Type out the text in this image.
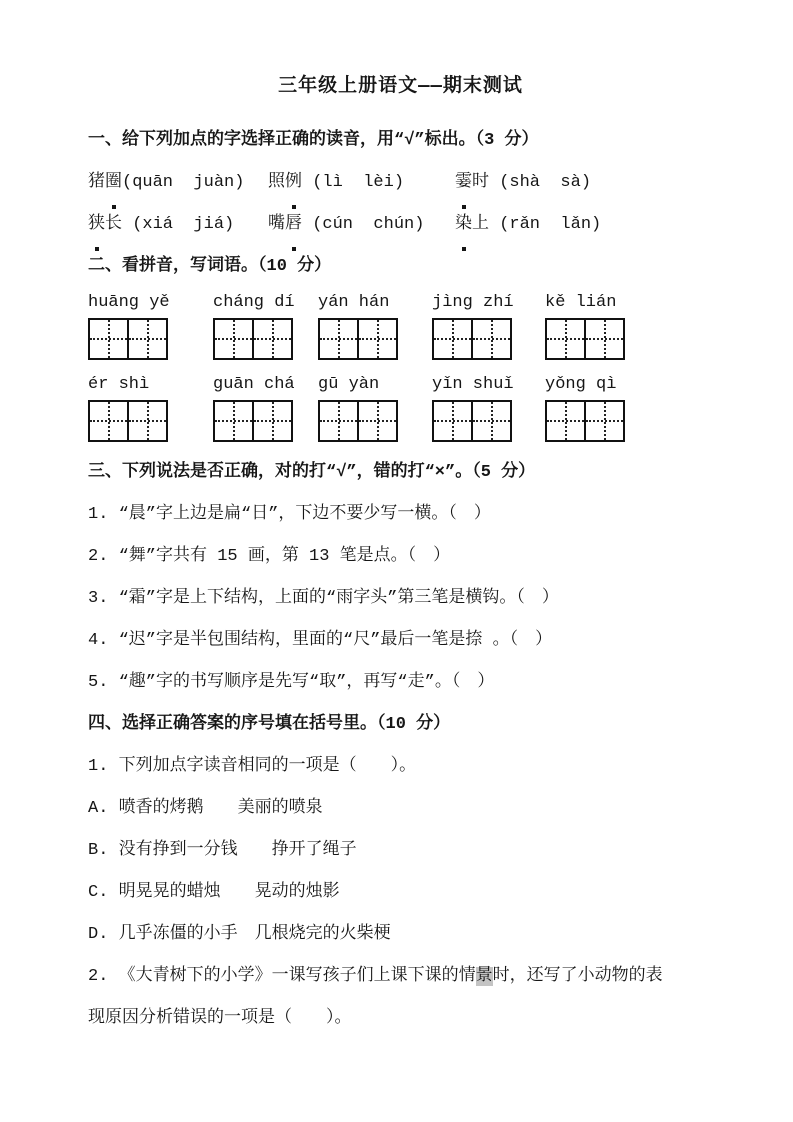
三年级上册语文——期末测试

一、给下列加点的字选择正确的读音，用“√”标出。（3 分）

猪圈(quān  juàn)	照例 (lì  lèi)	霎时 (shà  sà)
狭长 (xiá  jiá)	嘴唇 (cún  chún)	染上 (rǎn  lǎn)

二、看拼音，写词语。（10 分）

huāng yě	cháng dí	yán hán	jìng zhí	kě lián
ér shì	guān chá	gū yàn	yǐn shuǐ	yǒng qì

三、下列说法是否正确，对的打“√”，错的打“×”。（5 分）

1. “晨”字上边是扁“日”，下边不要少写一横。（　）

2. “舞”字共有 15 画，第 13 笔是点。（　）

3. “霜”字是上下结构，上面的“雨字头”第三笔是横钩。（　）

4. “迟”字是半包围结构，里面的“尺”最后一笔是捺 。（　）

5. “趣”字的书写顺序是先写“取”，再写“走”。（　）

四、选择正确答案的序号填在括号里。（10 分）

1. 下列加点字读音相同的一项是（　　）。

A. 喷香的烤鹅　　美丽的喷泉

B. 没有挣到一分钱　　挣开了绳子

C. 明晃晃的蜡烛　　晃动的烛影

D. 几乎冻僵的小手　几根烧完的火柴梗

2. 《大青树下的小学》一课写孩子们上课下课的情景时，还写了小动物的表现原因分析错误的一项是（　　）。
